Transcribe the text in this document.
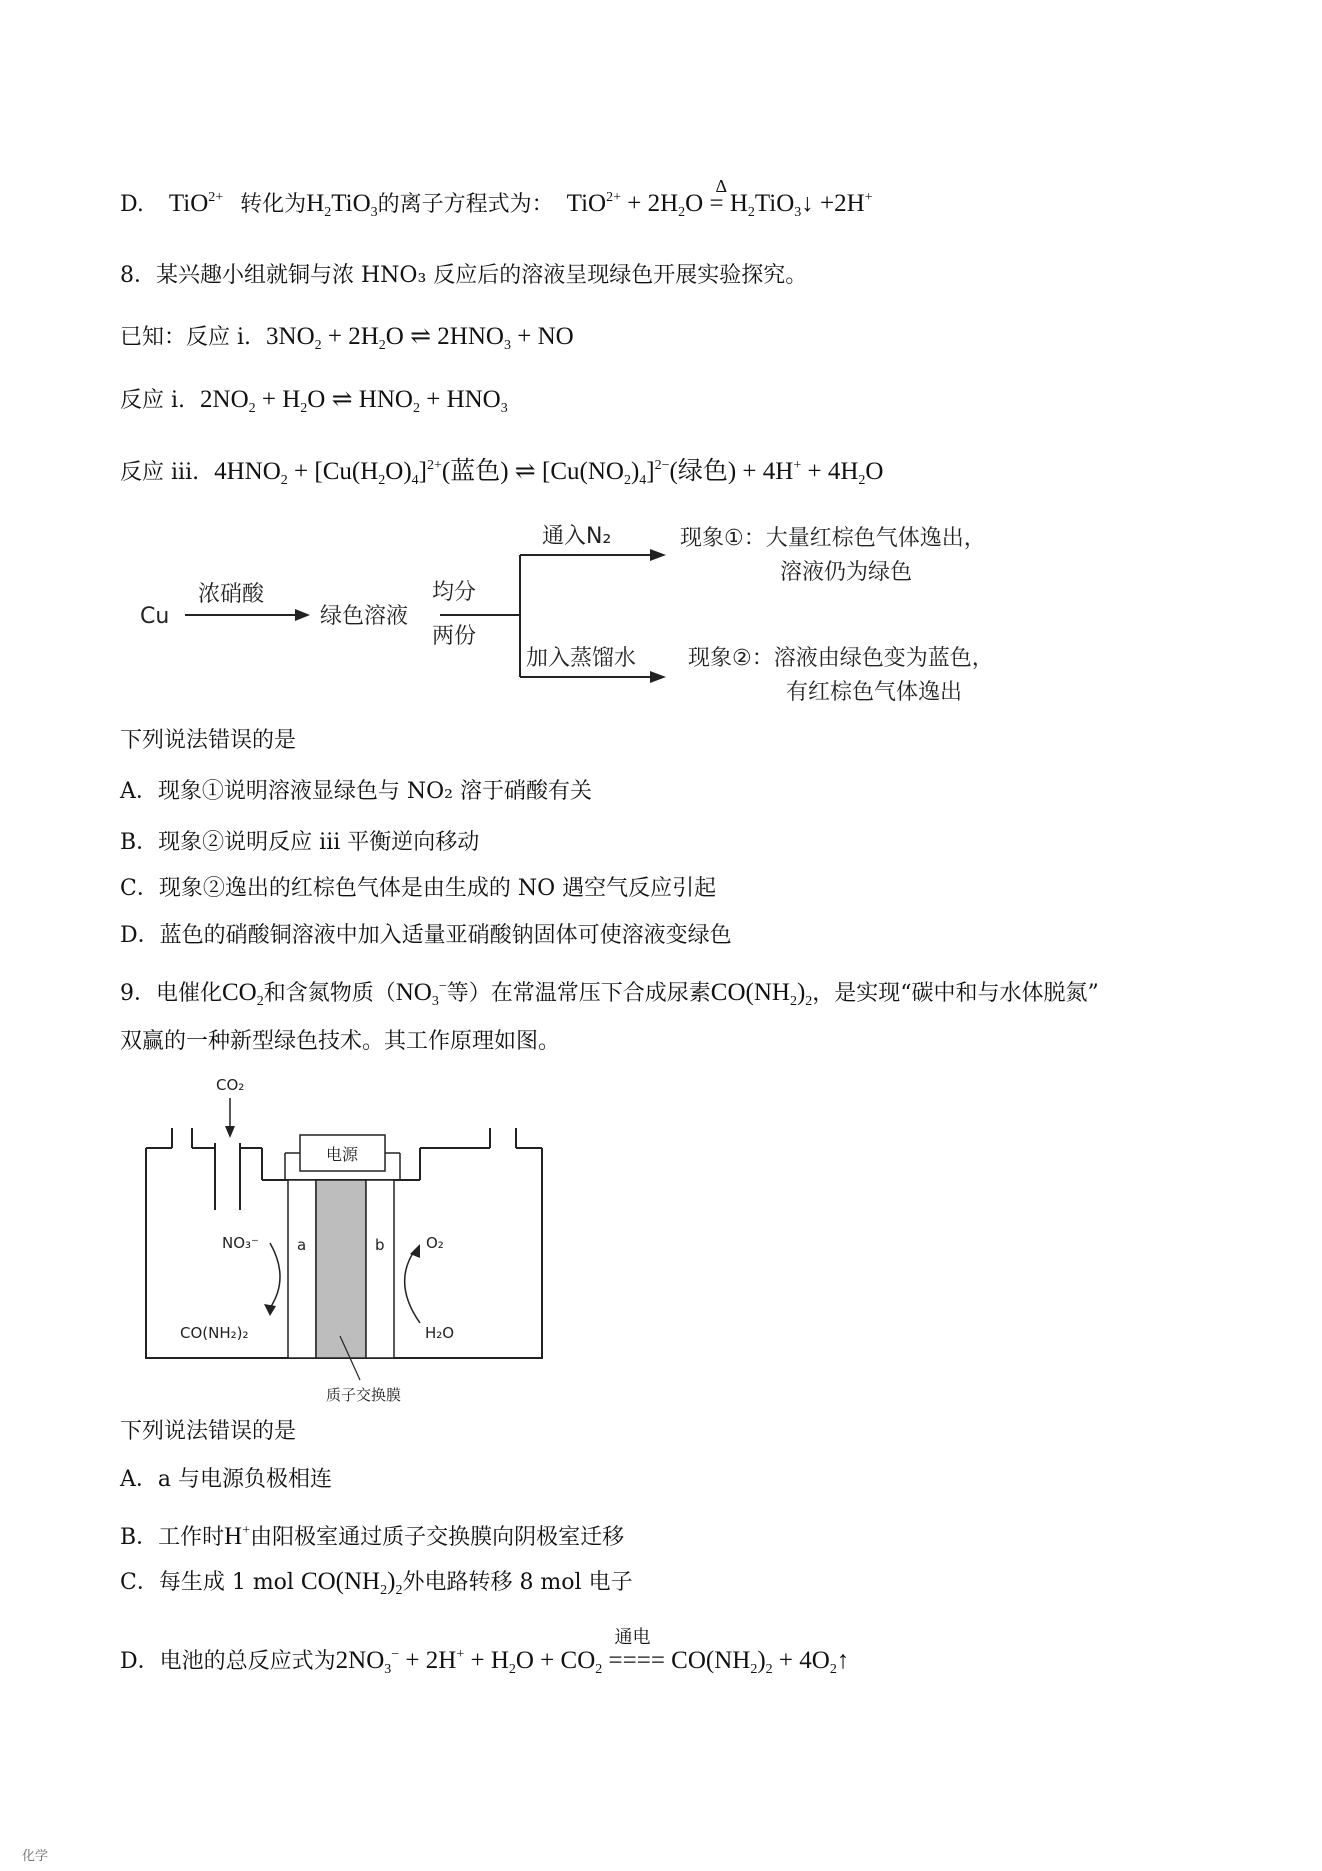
D. TiO$^{2+}$ 转化为$H_2TiO_3$的离子方程式为： $TiO^{2+} + 2H_2O$
Δ
= $H_2TiO_3↓ +2H^+$
8．某兴趣小组就铜与浓 HNO₃ 反应后的溶液呈现绿色开展实验探究。
已知：反应 i. $3NO_2 + 2H_2O$ ⇌ $2HNO_3$ + NO
反应 i. $2NO_2 + H_2O$ ⇌ $HNO_2 + HNO_3$
反应 iii. $4HNO_2 + [Cu(H_2O)_4]^{2+}$(蓝色) ⇌ $[Cu(NO_2)_4]^{2-}$(绿色) + $4H^+ + 4H_2O$
Cu
浓硝酸
绿色溶液
均分
两份
通入N₂
加入蒸馏水
现象①：大量红棕色气体逸出，
溶液仍为绿色
现象②：溶液由绿色变为蓝色，
有红棕色气体逸出
下列说法错误的是
A．现象①说明溶液显绿色与 NO₂ 溶于硝酸有关
B．现象②说明反应 iii 平衡逆向移动
C．现象②逸出的红棕色气体是由生成的 NO 遇空气反应引起
D．蓝色的硝酸铜溶液中加入适量亚硝酸钠固体可使溶液变绿色
9．电催化$CO_2$和含氮物质（$NO_3^-$等）在常温常压下合成尿素$CO(NH_2)_2$，是实现“碳中和与水体脱氮”
双赢的一种新型绿色技术。其工作原理如图。
CO₂
电源
a	b
NO₃⁻
CO(NH₂)₂
O₂
H₂O
质子交换膜
下列说法错误的是
A．a 与电源负极相连
B．工作时H+由阳极室通过质子交换膜向阴极室迁移
C．每生成 1 mol $CO(NH_2)_2$外电路转移 8 mol 电子
D．电池的总反应式为$2NO_3^- + 2H^+ + H_2O + CO_2$
通电
==== $CO(NH_2)_2$ + $4O_2↑$
化学
